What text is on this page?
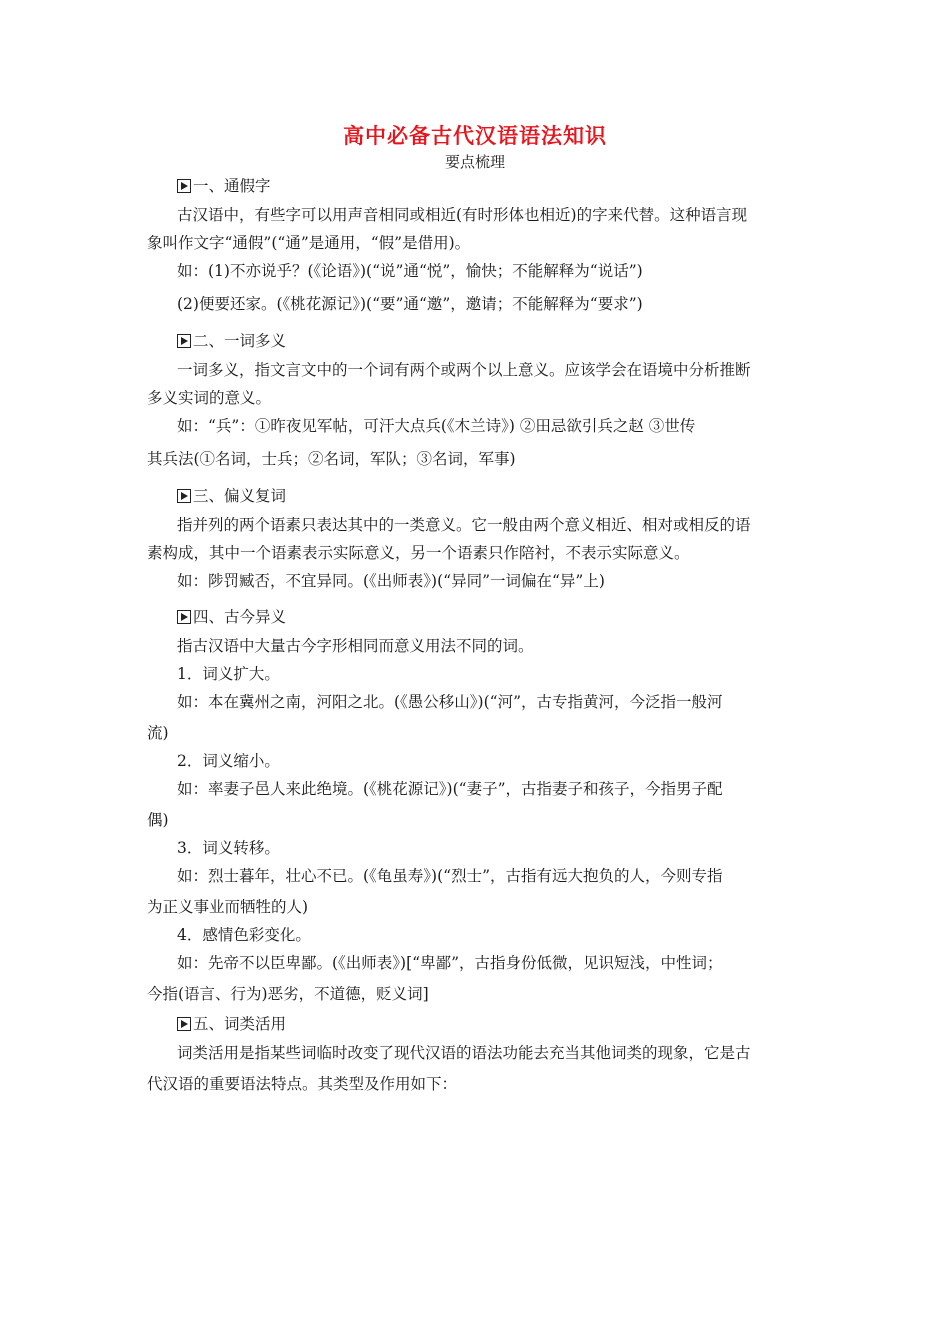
高中必备古代汉语语法知识
要点梳理
一、通假字
古汉语中，有些字可以用声音相同或相近(有时形体也相近)的字来代替。这种语言现
象叫作文字“通假”(“通”是通用，“假”是借用)。
如：(1)不亦说乎？(《论语》)(“说”通“悦”，愉快；不能解释为“说话”)
(2)便要还家。(《桃花源记》)(“要”通“邀”，邀请；不能解释为“要求”)
二、一词多义
一词多义，指文言文中的一个词有两个或两个以上意义。应该学会在语境中分析推断
多义实词的意义。
如：“兵”：①昨夜见军帖，可汗大点兵(《木兰诗》) ②田忌欲引兵之赵 ③世传
其兵法(①名词，士兵；②名词，军队；③名词，军事)
三、偏义复词
指并列的两个语素只表达其中的一类意义。它一般由两个意义相近、相对或相反的语
素构成，其中一个语素表示实际意义，另一个语素只作陪衬，不表示实际意义。
如：陟罚臧否，不宜异同。(《出师表》)(“异同”一词偏在“异”上)
四、古今异义
指古汉语中大量古今字形相同而意义用法不同的词。
1．词义扩大。
如：本在冀州之南，河阳之北。(《愚公移山》)(“河”，古专指黄河，今泛指一般河
流)
2．词义缩小。
如：率妻子邑人来此绝境。(《桃花源记》)(“妻子”，古指妻子和孩子，今指男子配
偶)
3．词义转移。
如：烈士暮年，壮心不已。(《龟虽寿》)(“烈士”，古指有远大抱负的人，今则专指
为正义事业而牺牲的人)
4．感情色彩变化。
如：先帝不以臣卑鄙。(《出师表》)[“卑鄙”，古指身份低微，见识短浅，中性词；
今指(语言、行为)恶劣，不道德，贬义词]
五、词类活用
词类活用是指某些词临时改变了现代汉语的语法功能去充当其他词类的现象，它是古
代汉语的重要语法特点。其类型及作用如下：
